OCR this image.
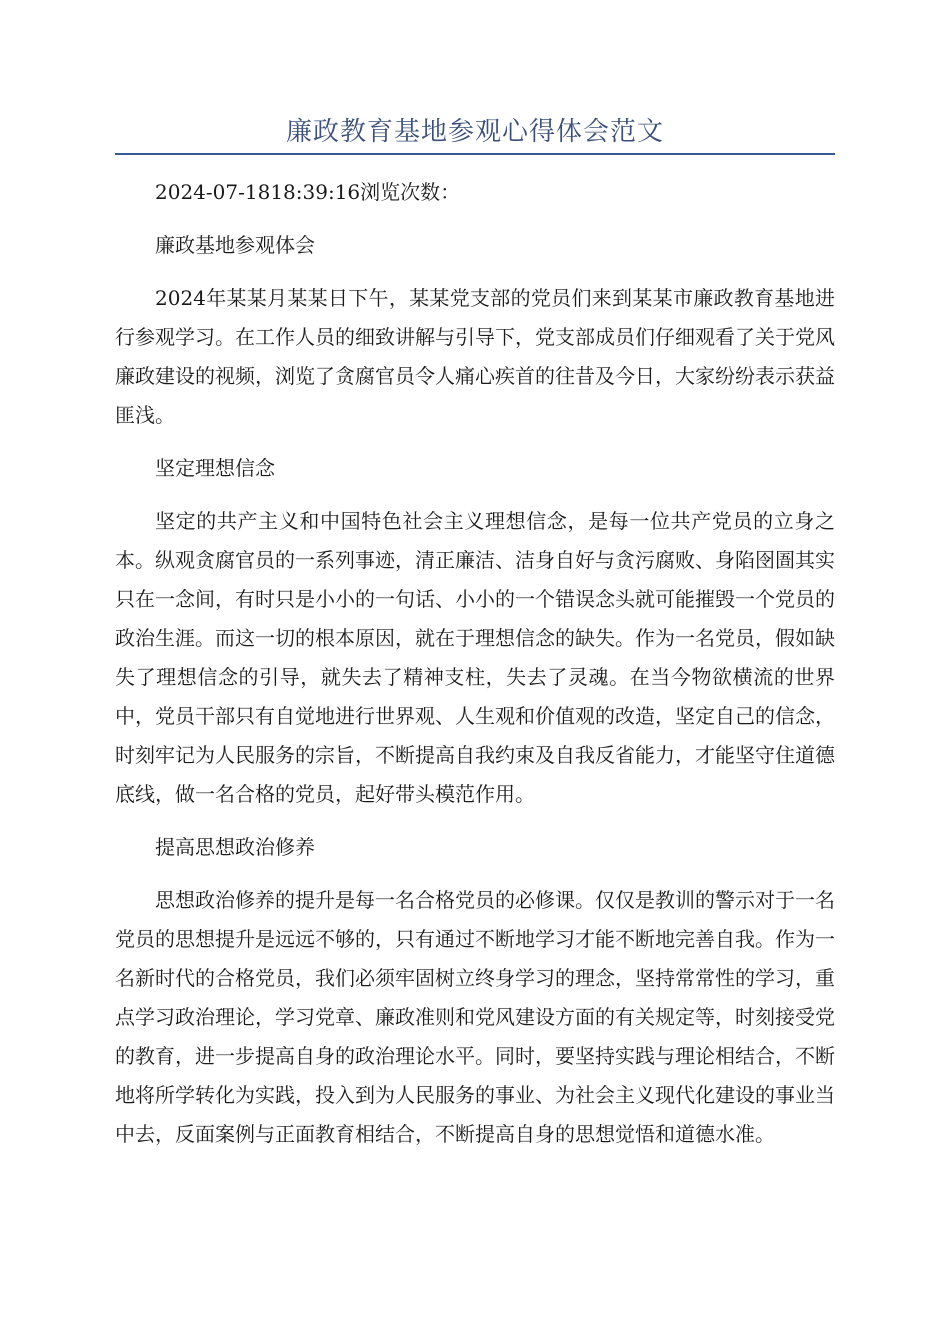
廉政教育基地参观心得体会范文

2024-07-1818:39:16浏览次数：

廉政基地参观体会

2024年某某月某某日下午，某某党支部的党员们来到某某市廉政教育基地进行参观学习。在工作人员的细致讲解与引导下，党支部成员们仔细观看了关于党风廉政建设的视频，浏览了贪腐官员令人痛心疾首的往昔及今日，大家纷纷表示获益匪浅。

坚定理想信念

坚定的共产主义和中国特色社会主义理想信念，是每一位共产党员的立身之本。纵观贪腐官员的一系列事迹，清正廉洁、洁身自好与贪污腐败、身陷囹圄其实只在一念间，有时只是小小的一句话、小小的一个错误念头就可能摧毁一个党员的政治生涯。而这一切的根本原因，就在于理想信念的缺失。作为一名党员，假如缺失了理想信念的引导，就失去了精神支柱，失去了灵魂。在当今物欲横流的世界中，党员干部只有自觉地进行世界观、人生观和价值观的改造，坚定自己的信念，时刻牢记为人民服务的宗旨，不断提高自我约束及自我反省能力，才能坚守住道德底线，做一名合格的党员，起好带头模范作用。

提高思想政治修养

思想政治修养的提升是每一名合格党员的必修课。仅仅是教训的警示对于一名党员的思想提升是远远不够的，只有通过不断地学习才能不断地完善自我。作为一名新时代的合格党员，我们必须牢固树立终身学习的理念，坚持常常性的学习，重点学习政治理论，学习党章、廉政准则和党风建设方面的有关规定等，时刻接受党的教育，进一步提高自身的政治理论水平。同时，要坚持实践与理论相结合，不断地将所学转化为实践，投入到为人民服务的事业、为社会主义现代化建设的事业当中去，反面案例与正面教育相结合，不断提高自身的思想觉悟和道德水准。
